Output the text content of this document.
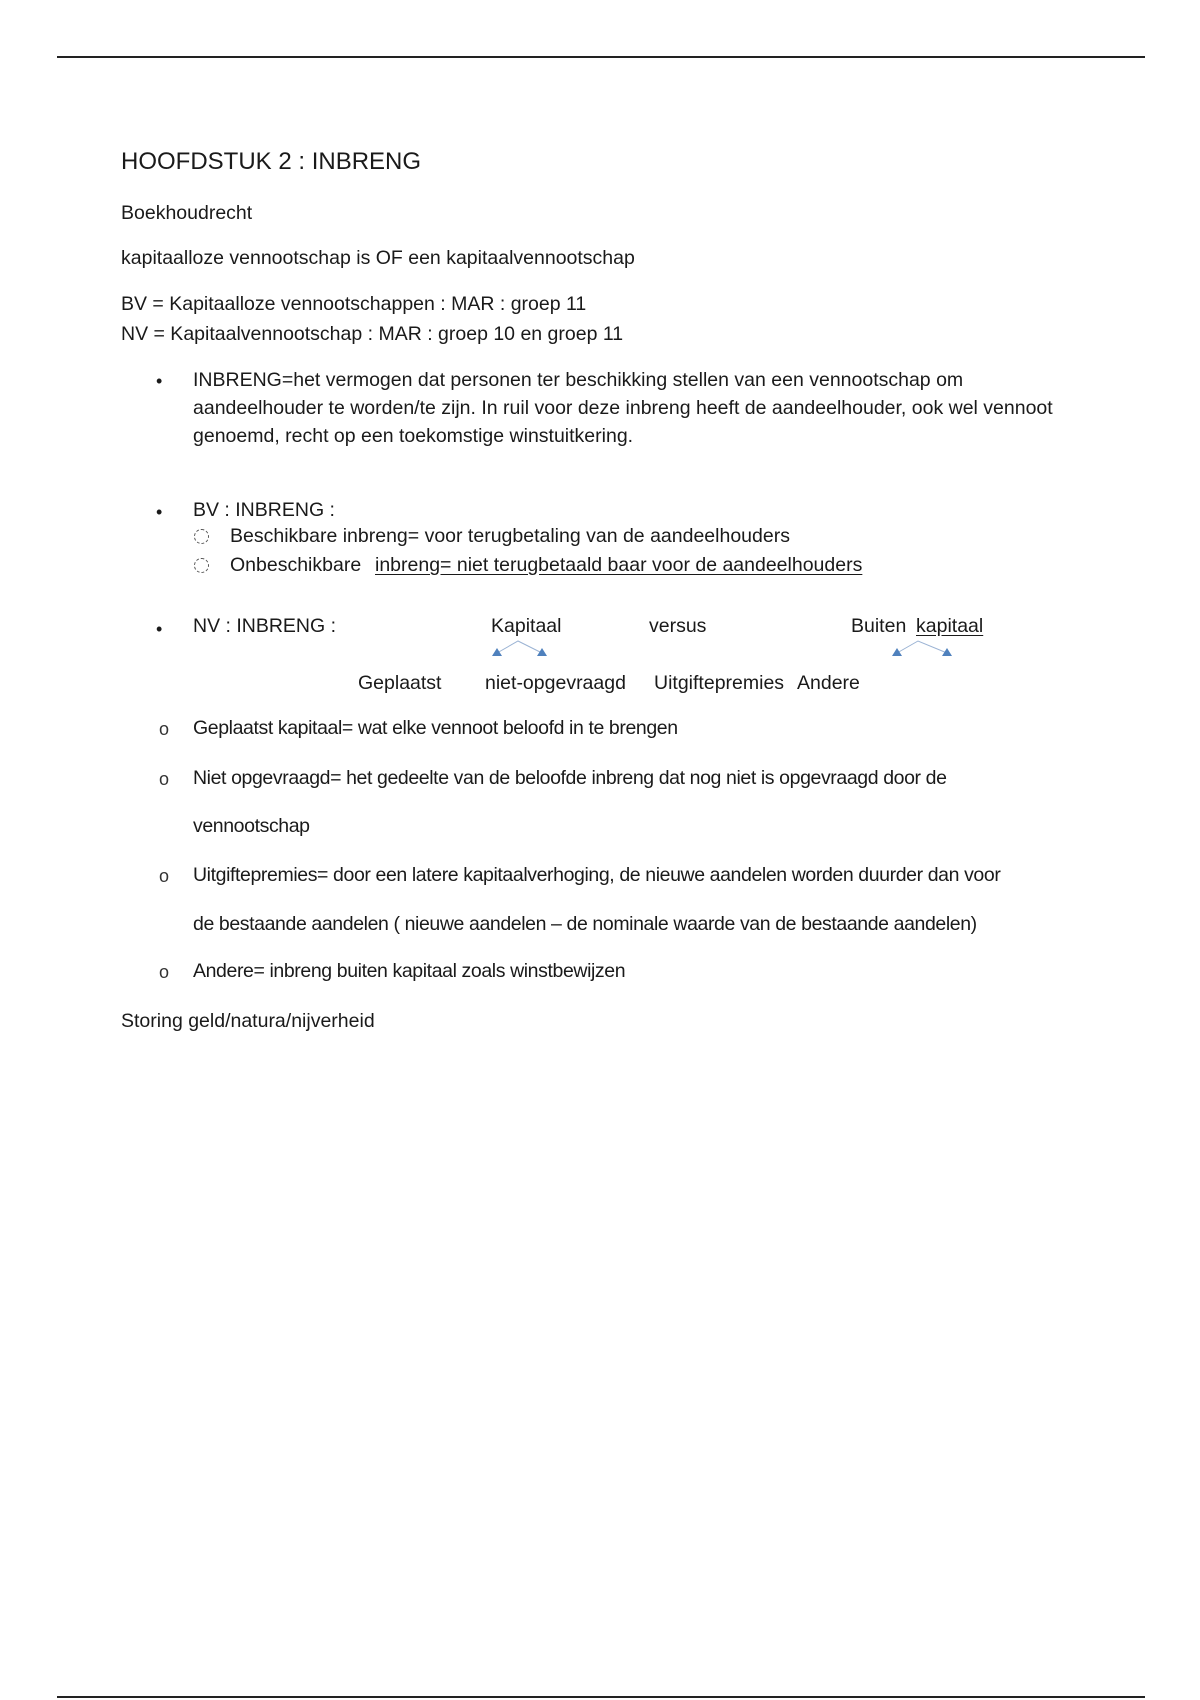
HOOFDSTUK 2 : INBRENG
Boekhoudrecht
kapitaalloze vennootschap is OF een kapitaalvennootschap
BV = Kapitaalloze vennootschappen : MAR : groep 11
NV = Kapitaalvennootschap : MAR : groep 10 en groep 11
• INBRENG=het vermogen dat personen ter beschikking stellen van een vennootschap om aandeelhouder te worden/te zijn. In ruil voor deze inbreng heeft de aandeelhouder, ook wel vennoot genoemd, recht op een toekomstige winstuitkering.
• BV : INBRENG :
Beschikbare inbreng= voor terugbetaling van de aandeelhouders
Onbeschikbare inbreng= niet terugbetaald baar voor de aandeelhouders
• NV : INBRENG :	Kapitaal	versus	Buiten kapitaal
Geplaatst niet-opgevraagd Uitgiftepremies Andere
o Geplaatst kapitaal= wat elke vennoot beloofd in te brengen
o Niet opgevraagd= het gedeelte van de beloofde inbreng dat nog niet is opgevraagd door de
vennootschap
o Uitgiftepremies= door een latere kapitaalverhoging, de nieuwe aandelen worden duurder dan voor
de bestaande aandelen ( nieuwe aandelen – de nominale waarde van de bestaande aandelen)
o Andere= inbreng buiten kapitaal zoals winstbewijzen
Storing geld/natura/nijverheid
